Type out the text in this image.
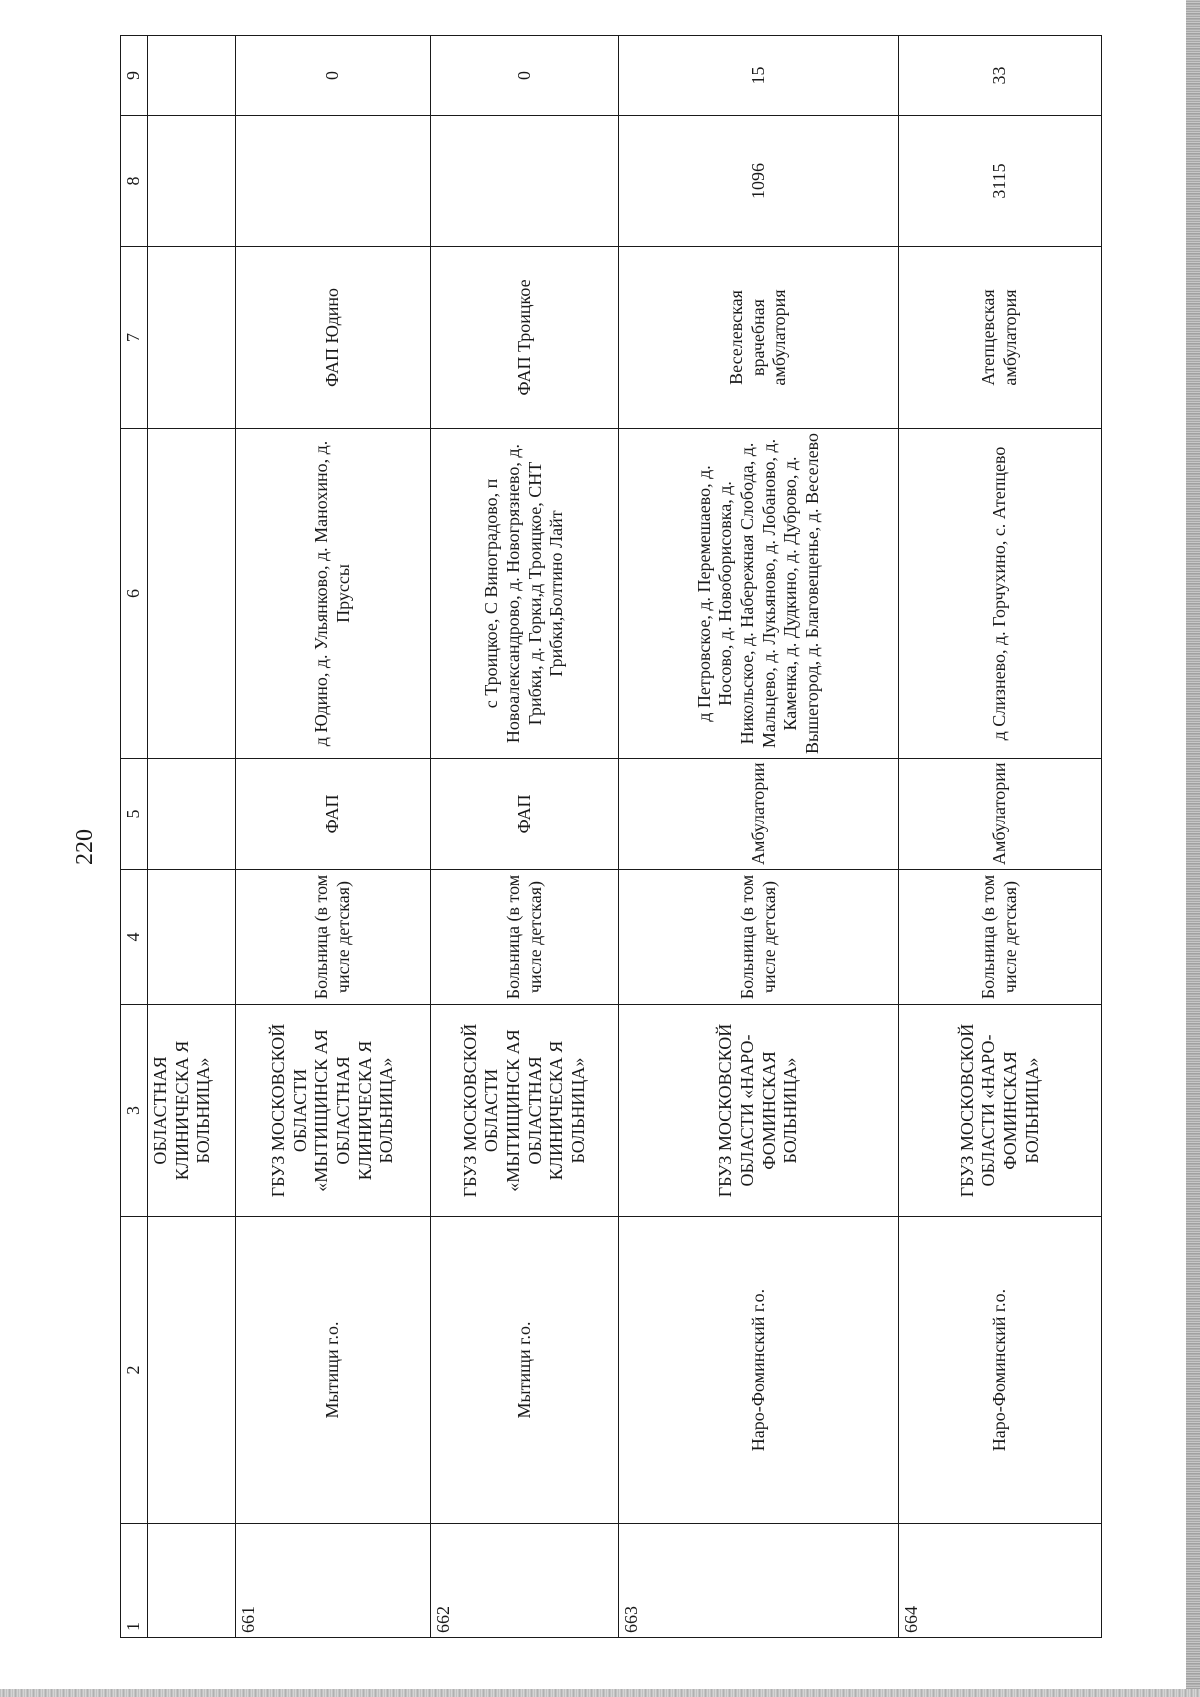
220
1	2	3	4	5	6	7	8	9
		ОБЛАСТНАЯ КЛИНИЧЕСКА Я БОЛЬНИЦА»						
661	Мытищи г.о.	ГБУЗ МОСКОВСКОЙ ОБЛАСТИ «МЫТИЩИНСК АЯ ОБЛАСТНАЯ КЛИНИЧЕСКА Я БОЛЬНИЦА»	Больница (в том числе детская)	ФАП	д Юдино, д. Ульянково, д. Манохино, д. Пруссы	ФАП Юдино		0
662	Мытищи г.о.	ГБУЗ МОСКОВСКОЙ ОБЛАСТИ «МЫТИЩИНСК АЯ ОБЛАСТНАЯ КЛИНИЧЕСКА Я БОЛЬНИЦА»	Больница (в том числе детская)	ФАП	с Троицкое, С Виноградово, п Новоалександрово, д. Новогрязнево, д. Грибки, д. Горки,д Троицкое, СНТ Грибки,Болтино Лайт	ФАП Троицкое		0
663	Наро-Фоминский г.о.	ГБУЗ МОСКОВСКОЙ ОБЛАСТИ «НАРО-ФОМИНСКАЯ БОЛЬНИЦА»	Больница (в том числе детская)	Амбулатории	д Петровское, д. Перемешаево, д. Носово, д. Новоборисовка, д. Никольское, д. Набережная Слобода, д. Мальцево, д. Лукьяново, д. Лобаново, д. Каменка, д. Дудкино, д. Дуброво, д. Вышегород, д. Благовещенье, д. Веселево	Веселевская врачебная амбулатория	1096	15
664	Наро-Фоминский г.о.	ГБУЗ МОСКОВСКОЙ ОБЛАСТИ «НАРО-ФОМИНСКАЯ БОЛЬНИЦА»	Больница (в том числе детская)	Амбулатории	д Слизнево, д. Горчухино, с. Атепцево	Атепцевская амбулатория	3115	33
